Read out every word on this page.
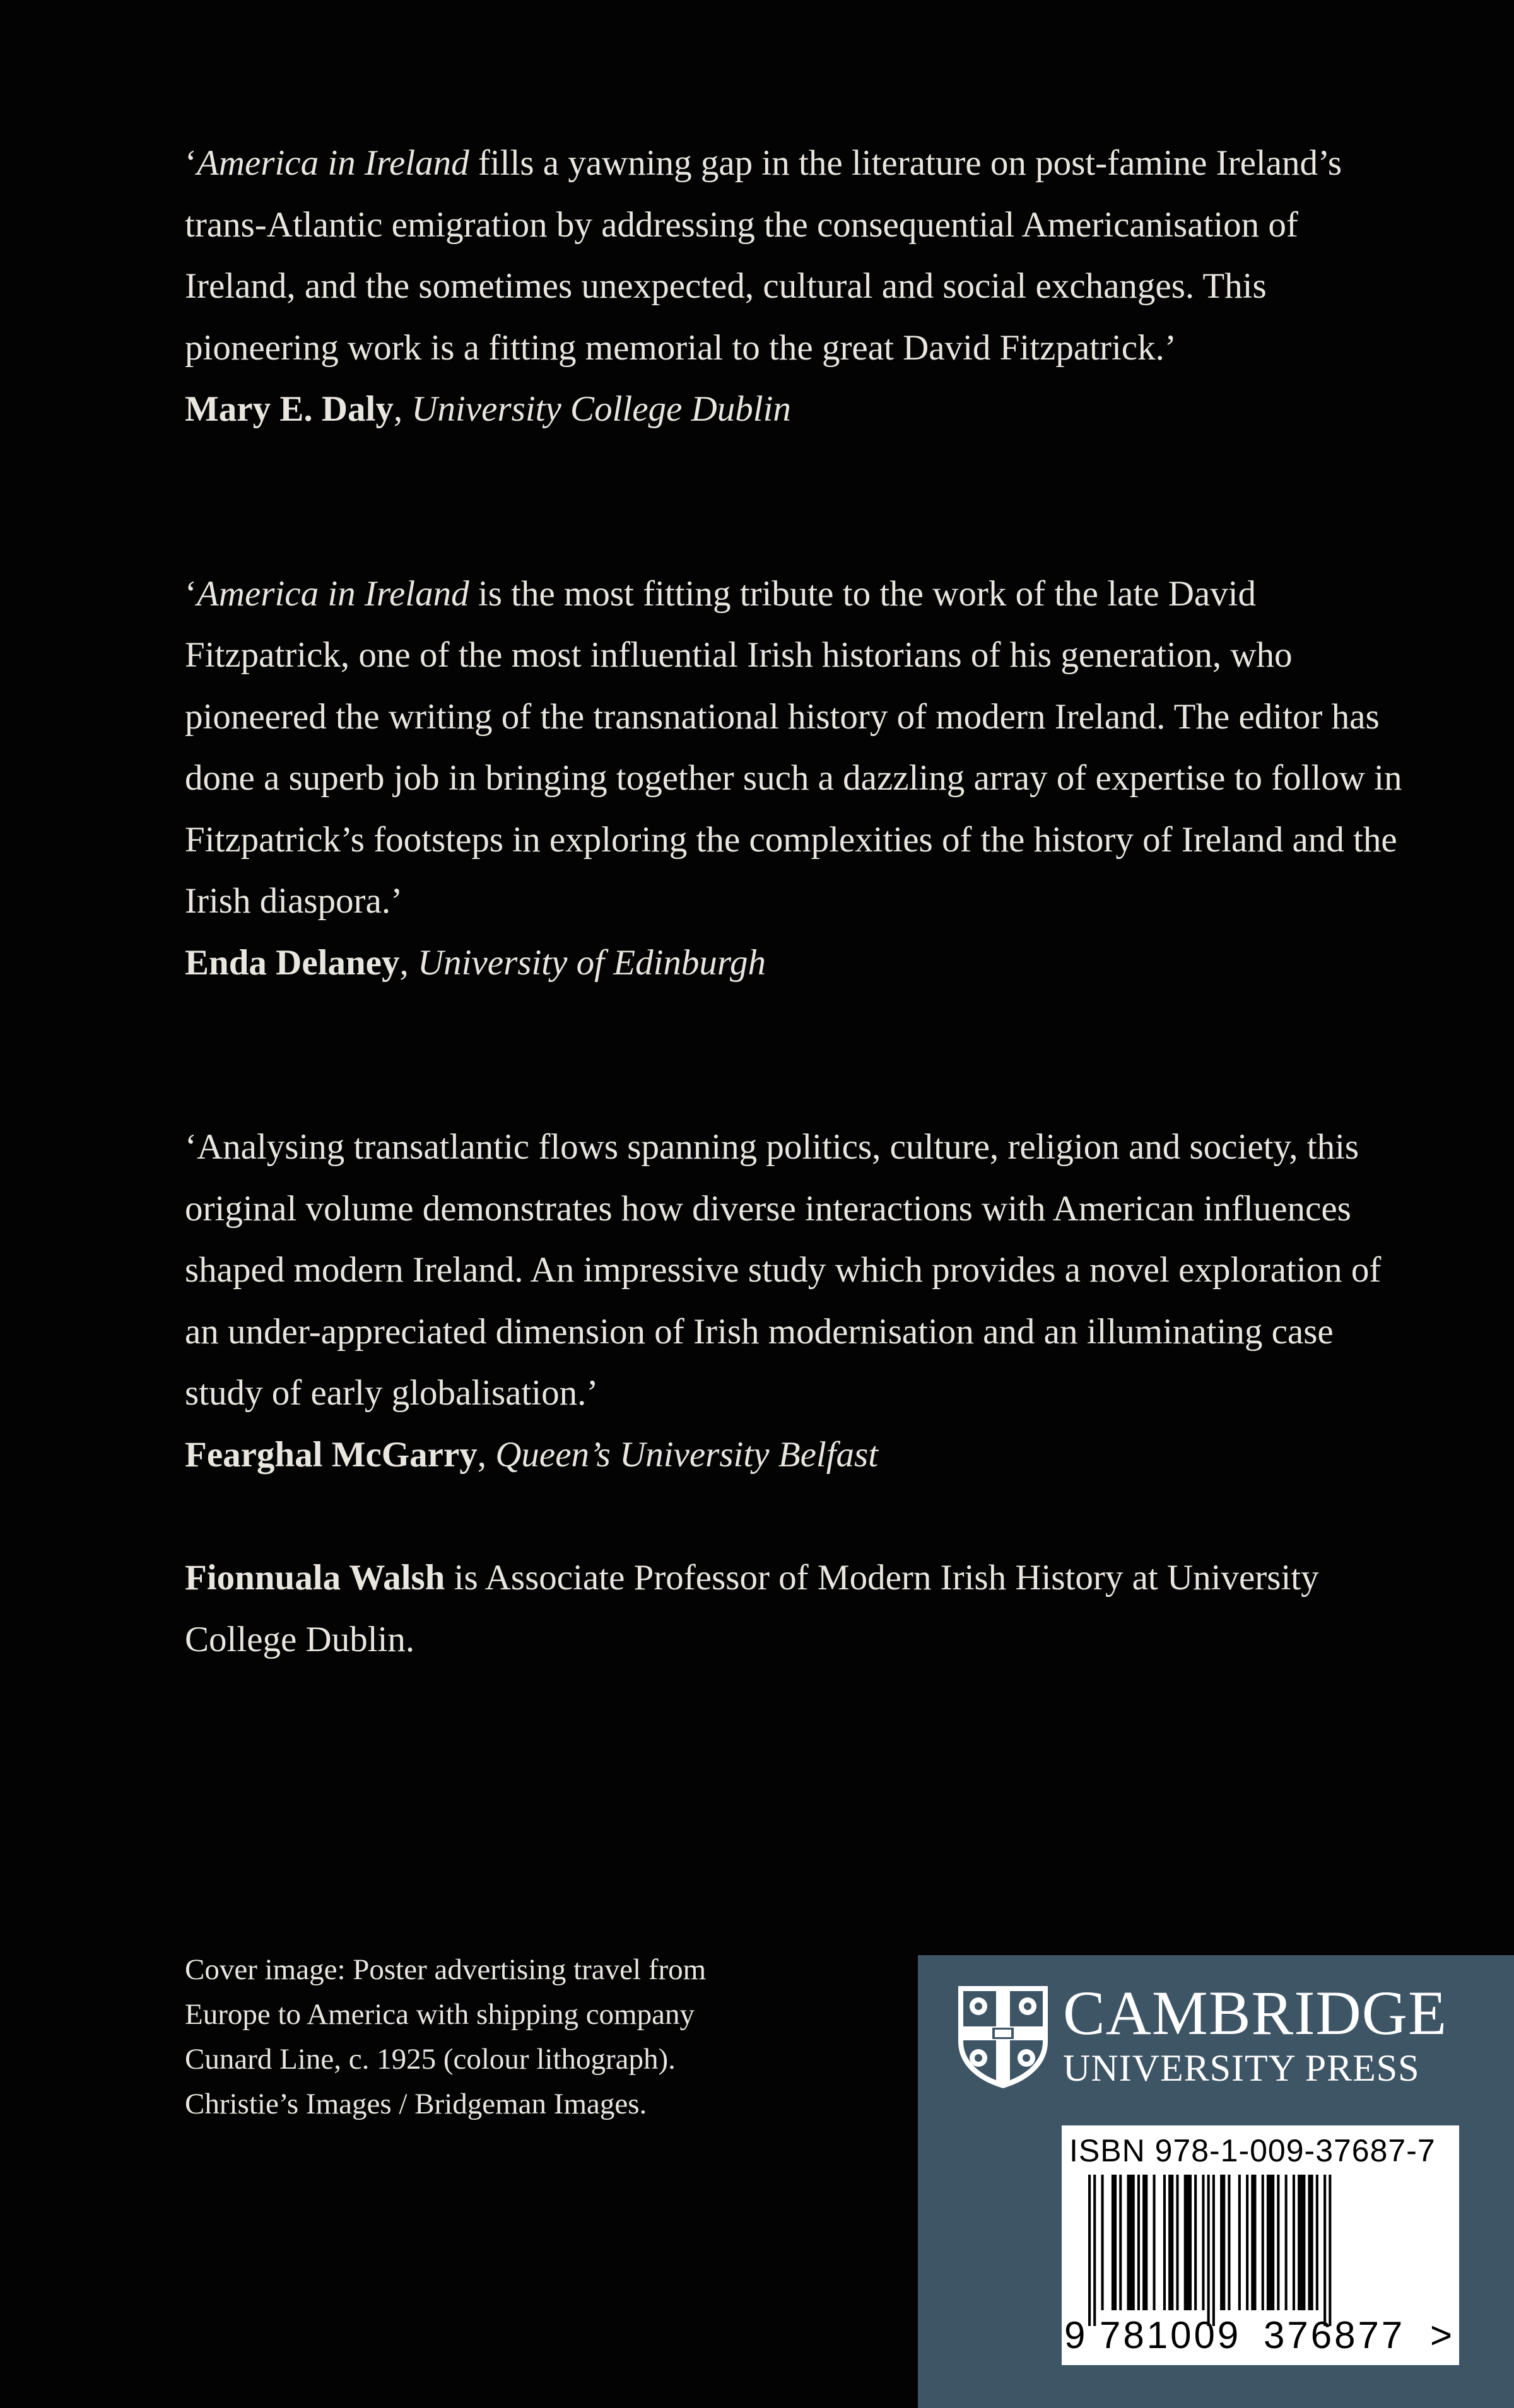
‘America in Ireland fills a yawning gap in the literature on post-famine Ireland’s trans-Atlantic emigration by addressing the consequential Americanisation of Ireland, and the sometimes unexpected, cultural and social exchanges. This pioneering work is a fitting memorial to the great David Fitzpatrick.’

Mary E. Daly, University College Dublin

‘America in Ireland is the most fitting tribute to the work of the late David Fitzpatrick, one of the most influential Irish historians of his generation, who pioneered the writing of the transnational history of modern Ireland. The editor has done a superb job in bringing together such a dazzling array of expertise to follow in Fitzpatrick’s footsteps in exploring the complexities of the history of Ireland and the Irish diaspora.’

Enda Delaney, University of Edinburgh

‘Analysing transatlantic flows spanning politics, culture, religion and society, this original volume demonstrates how diverse interactions with American influences shaped modern Ireland. An impressive study which provides a novel exploration of an under-appreciated dimension of Irish modernisation and an illuminating case study of early globalisation.’

Fearghal McGarry, Queen’s University Belfast

Fionnuala Walsh is Associate Professor of Modern Irish History at University College Dublin.

Cover image: Poster advertising travel from
Europe to America with shipping company
Cunard Line, c. 1925 (colour lithograph).
Christie’s Images / Bridgeman Images.
CAMBRIDGE
UNIVERSITY PRESS
ISBN 978-1-009-37687-7
9 781009 376877 >
